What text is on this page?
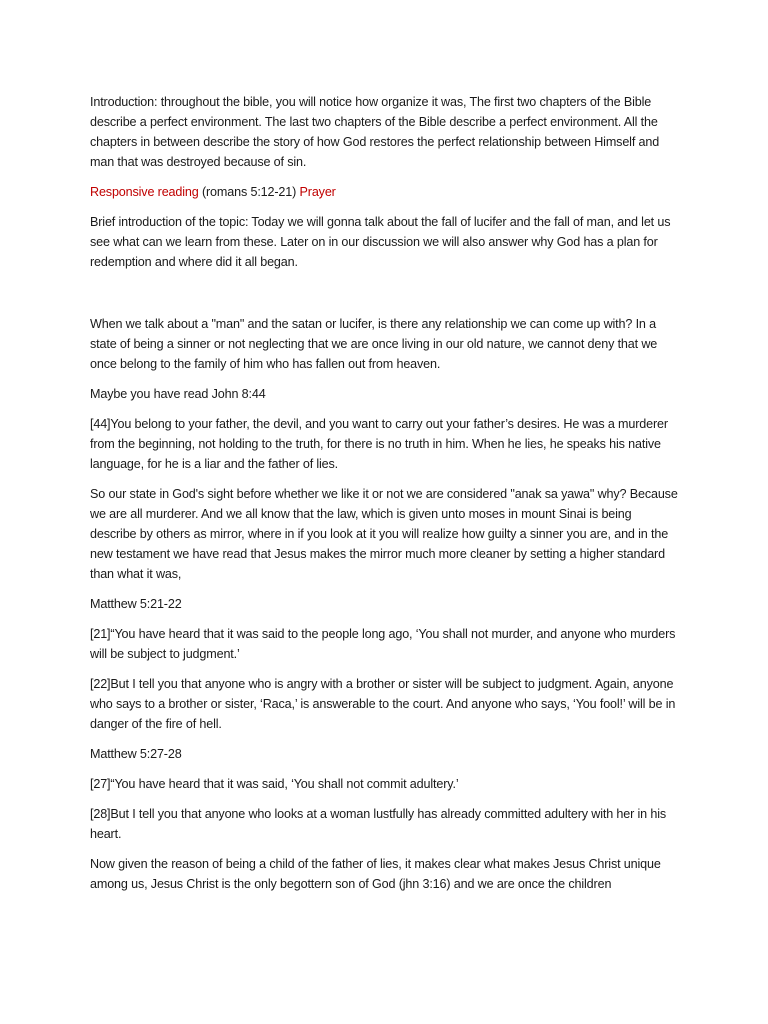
Introduction: throughout the bible, you will notice how organize it was, The first two chapters of the Bible describe a perfect environment. The last two chapters of the Bible describe a perfect environment. All the chapters in between describe the story of how God restores the perfect relationship between Himself and man that was destroyed because of sin.

Responsive reading (romans 5:12-21) Prayer

Brief introduction of the topic: Today we will gonna talk about the fall of lucifer and the fall of man, and let us see what can we learn from these. Later on in our discussion we will also answer why God has a plan for redemption and where did it all began.

When we talk about a "man" and the satan or lucifer, is there any relationship we can come up with? In a state of being a sinner or not neglecting that we are once living in our old nature, we cannot deny that we once belong to the family of him who has fallen out from heaven.

Maybe you have read John 8:44

[44]You belong to your father, the devil, and you want to carry out your father’s desires. He was a murderer from the beginning, not holding to the truth, for there is no truth in him. When he lies, he speaks his native language, for he is a liar and the father of lies.

So our state in God's sight before whether we like it or not we are considered "anak sa yawa" why? Because we are all murderer. And we all know that the law, which is given unto moses in mount Sinai is being describe by others as mirror, where in if you look at it you will realize how guilty a sinner you are, and in the new testament we have read that Jesus makes the mirror much more cleaner by setting a higher standard than what it was,

Matthew 5:21-22

[21]“You have heard that it was said to the people long ago, ‘You shall not murder, and anyone who murders will be subject to judgment.’

[22]But I tell you that anyone who is angry with a brother or sister will be subject to judgment. Again, anyone who says to a brother or sister, ‘Raca,’ is answerable to the court. And anyone who says, ‘You fool!’ will be in danger of the fire of hell.

Matthew 5:27-28

[27]“You have heard that it was said, ‘You shall not commit adultery.’

[28]But I tell you that anyone who looks at a woman lustfully has already committed adultery with her in his heart.

Now given the reason of being a child of the father of lies, it makes clear what makes Jesus Christ unique among us, Jesus Christ is the only begottern son of God (jhn 3:16) and we are once the children
